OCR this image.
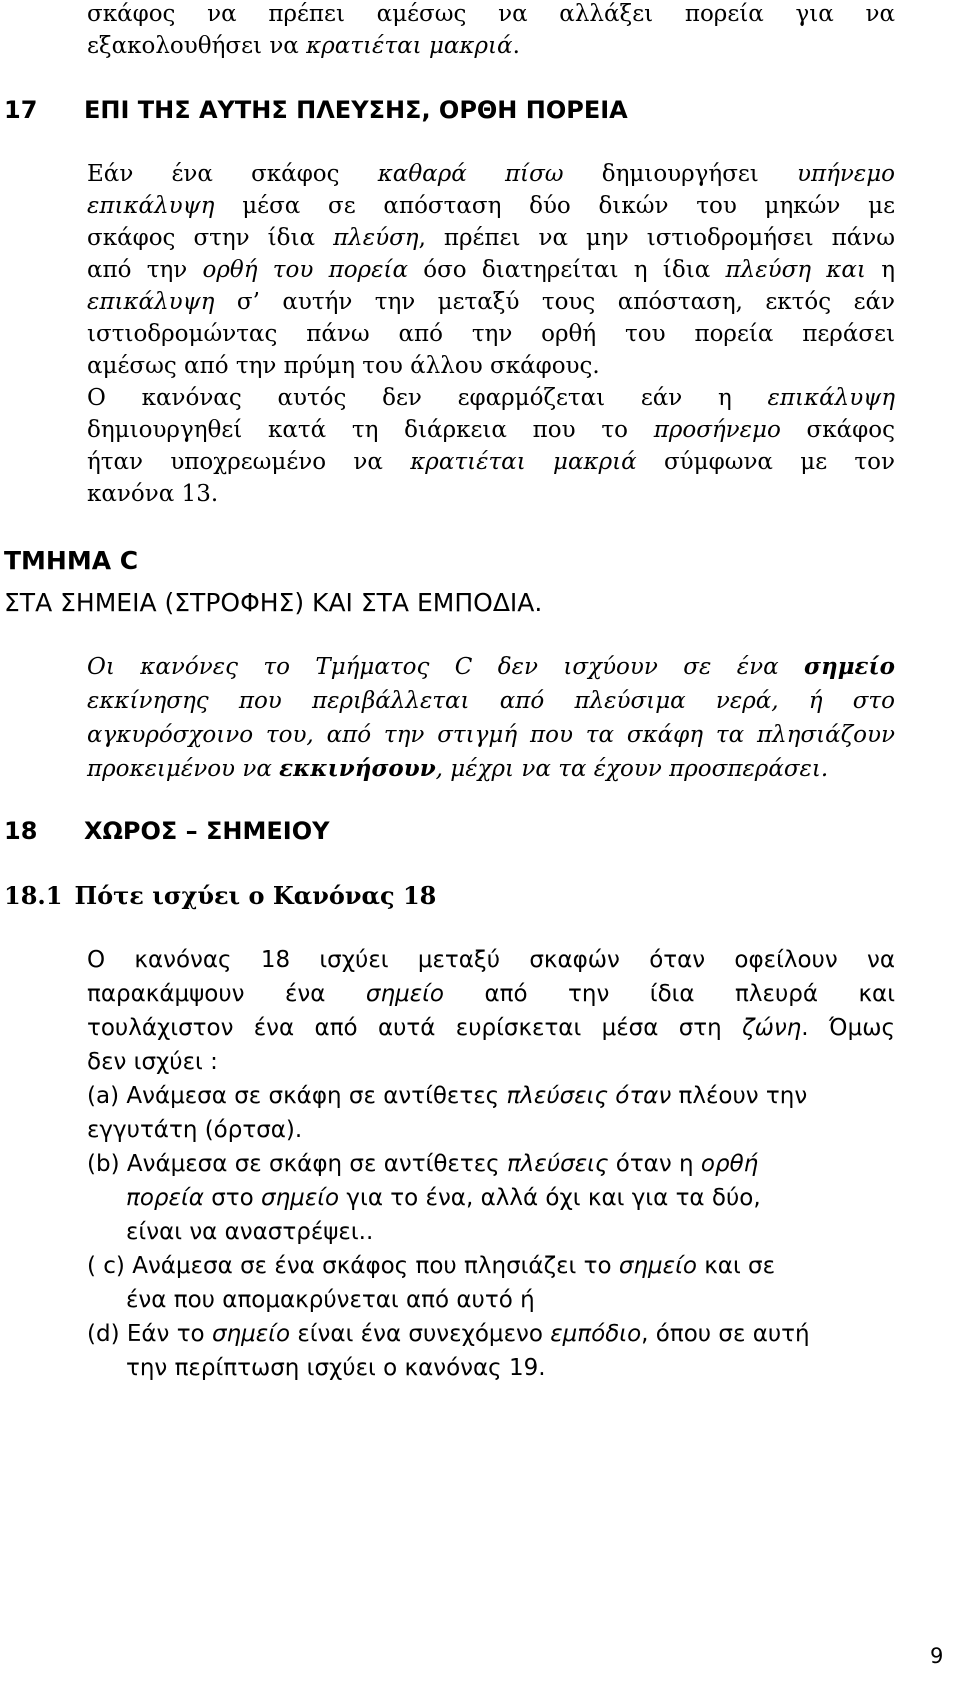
σκάφος να πρέπει αμέσως να αλλάξει πορεία για να
εξακολουθήσει να κρατιέται μακριά.
17 ΕΠΙ ΤΗΣ ΑΥΤΗΣ ΠΛΕΥΣΗΣ, ΟΡΘΗ ΠΟΡΕΙΑ
Εάν ένα σκάφος καθαρά πίσω δημιουργήσει υπήνεμο
επικάλυψη μέσα σε απόσταση δύο δικών του μηκών με
σκάφος στην ίδια πλεύση, πρέπει να μην ιστιοδρομήσει πάνω
από την ορθή του πορεία όσο διατηρείται η ίδια πλεύση και η
επικάλυψη σ’ αυτήν την μεταξύ τους απόσταση, εκτός εάν
ιστιοδρομώντας πάνω από την ορθή του πορεία περάσει
αμέσως από την πρύμη του άλλου σκάφους.
Ο κανόνας αυτός δεν εφαρμόζεται εάν η επικάλυψη
δημιουργηθεί κατά τη διάρκεια που το προσήνεμο σκάφος
ήταν υποχρεωμένο να κρατιέται μακριά σύμφωνα με τον
κανόνα 13.
ΤΜΗΜΑ C
ΣΤΑ ΣΗΜΕΙΑ (ΣΤΡΟΦΗΣ) ΚΑΙ ΣΤΑ ΕΜΠΟΔΙΑ.
Οι κανόνες το Τμήματος C δεν ισχύουν σε ένα σημείο
εκκίνησης που περιβάλλεται από πλεύσιμα νερά, ή στο
αγκυρόσχοινο του, από την στιγμή που τα σκάφη τα πλησιάζουν
προκειμένου να εκκινήσουν, μέχρι να τα έχουν προσπεράσει.
18 ΧΩΡΟΣ – ΣΗΜΕΙΟΥ
18.1 Πότε ισχύει ο Κανόνας 18
Ο κανόνας 18 ισχύει μεταξύ σκαφών όταν οφείλουν να
παρακάμψουν ένα σημείο από την ίδια πλευρά και
τουλάχιστον ένα από αυτά ευρίσκεται μέσα στη ζώνη. Όμως
δεν ισχύει :
(a) Ανάμεσα σε σκάφη σε αντίθετες πλεύσεις όταν πλέουν την
εγγυτάτη (όρτσα).
(b) Ανάμεσα σε σκάφη σε αντίθετες πλεύσεις όταν η ορθή
πορεία στο σημείο για το ένα, αλλά όχι και για τα δύο,
είναι να αναστρέψει..
( c) Ανάμεσα σε ένα σκάφος που πλησιάζει το σημείο και σε
ένα που απομακρύνεται από αυτό ή
(d) Εάν το σημείο είναι ένα συνεχόμενο εμπόδιο, όπου σε αυτή
την περίπτωση ισχύει ο κανόνας 19.
9
